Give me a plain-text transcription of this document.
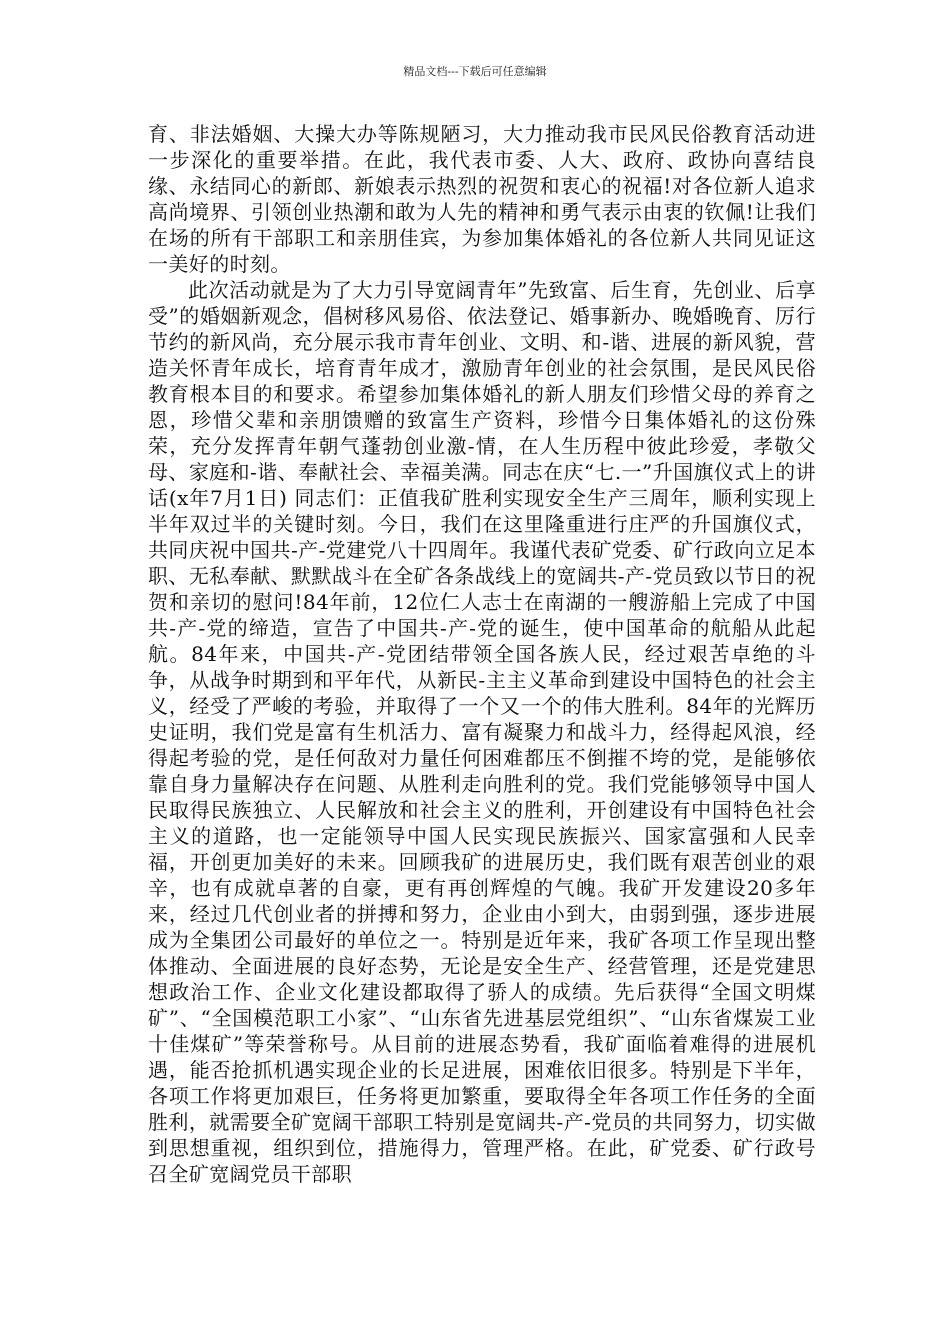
精品文档---下载后可任意编辑

育、非法婚姻、大操大办等陈规陋习，大力推动我市民风民俗教育活动进一步深化的重要举措。在此，我代表市委、人大、政府、政协向喜结良缘、永结同心的新郎、新娘表示热烈的祝贺和衷心的祝福!对各位新人追求高尚境界、引领创业热潮和敢为人先的精神和勇气表示由衷的钦佩!让我们在场的所有干部职工和亲朋佳宾，为参加集体婚礼的各位新人共同见证这一美好的时刻。

此次活动就是为了大力引导宽阔青年”先致富、后生育，先创业、后享受”的婚姻新观念，倡树移风易俗、依法登记、婚事新办、晚婚晚育、厉行节约的新风尚，充分展示我市青年创业、文明、和-谐、进展的新风貌，营造关怀青年成长，培育青年成才，激励青年创业的社会氛围，是民风民俗教育根本目的和要求。希望参加集体婚礼的新人朋友们珍惜父母的养育之恩，珍惜父辈和亲朋馈赠的致富生产资料，珍惜今日集体婚礼的这份殊荣，充分发挥青年朝气蓬勃创业激-情，在人生历程中彼此珍爱，孝敬父母、家庭和-谐、奉献社会、幸福美满。同志在庆“七.一”升国旗仪式上的讲话(x年7月1日) 同志们：正值我矿胜利实现安全生产三周年，顺利实现上半年双过半的关键时刻。今日，我们在这里隆重进行庄严的升国旗仪式，共同庆祝中国共-产-党建党八十四周年。我谨代表矿党委、矿行政向立足本职、无私奉献、默默战斗在全矿各条战线上的宽阔共-产-党员致以节日的祝贺和亲切的慰问!84年前，12位仁人志士在南湖的一艘游船上完成了中国共-产-党的缔造，宣告了中国共-产-党的诞生，使中国革命的航船从此起航。84年来，中国共-产-党团结带领全国各族人民，经过艰苦卓绝的斗争，从战争时期到和平年代，从新民-主主义革命到建设中国特色的社会主义，经受了严峻的考验，并取得了一个又一个的伟大胜利。84年的光辉历史证明，我们党是富有生机活力、富有凝聚力和战斗力，经得起风浪，经得起考验的党，是任何敌对力量任何困难都压不倒摧不垮的党，是能够依靠自身力量解决存在问题、从胜利走向胜利的党。我们党能够领导中国人民取得民族独立、人民解放和社会主义的胜利，开创建设有中国特色社会主义的道路，也一定能领导中国人民实现民族振兴、国家富强和人民幸福，开创更加美好的未来。回顾我矿的进展历史，我们既有艰苦创业的艰辛，也有成就卓著的自豪，更有再创辉煌的气魄。我矿开发建设20多年来，经过几代创业者的拼搏和努力，企业由小到大，由弱到强，逐步进展成为全集团公司最好的单位之一。特别是近年来，我矿各项工作呈现出整体推动、全面进展的良好态势，无论是安全生产、经营管理，还是党建思想政治工作、企业文化建设都取得了骄人的成绩。先后获得“全国文明煤矿”、“全国模范职工小家”、“山东省先进基层党组织”、“山东省煤炭工业十佳煤矿”等荣誉称号。从目前的进展态势看，我矿面临着难得的进展机遇，能否抢抓机遇实现企业的长足进展，困难依旧很多。特别是下半年，各项工作将更加艰巨，任务将更加繁重，要取得全年各项工作任务的全面胜利，就需要全矿宽阔干部职工特别是宽阔共-产-党员的共同努力，切实做到思想重视，组织到位，措施得力，管理严格。在此，矿党委、矿行政号召全矿宽阔党员干部职
